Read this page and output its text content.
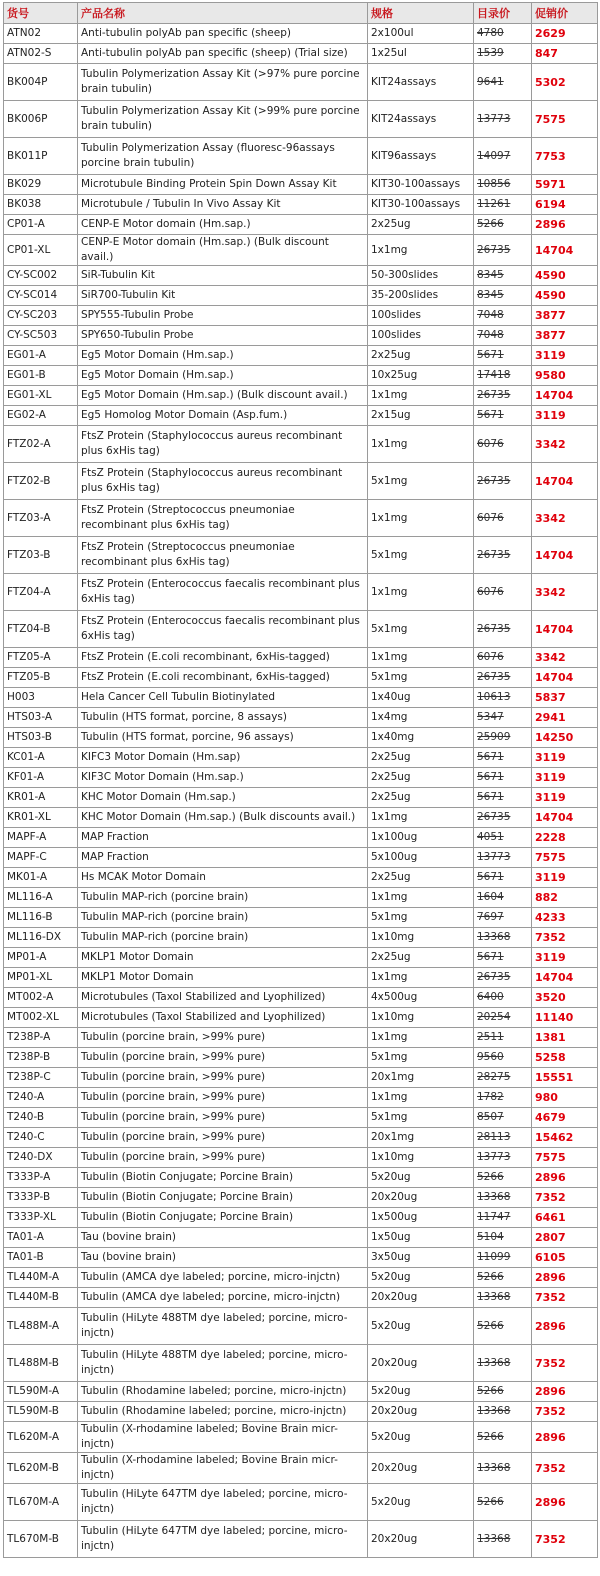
货号	产品名称	规格	目录价	促销价
ATN02	Anti-tubulin polyAb pan specific (sheep)	2x100ul	4780	2629
ATN02-S	Anti-tubulin polyAb pan specific (sheep) (Trial size)	1x25ul	1539	847
BK004P	Tubulin Polymerization Assay Kit (>97% pure porcine brain tubulin)	KIT24assays	9641	5302
BK006P	Tubulin Polymerization Assay Kit (>99% pure porcine brain tubulin)	KIT24assays	13773	7575
BK011P	Tubulin Polymerization Assay (fluoresc-96assays porcine brain tubulin)	KIT96assays	14097	7753
BK029	Microtubule Binding Protein Spin Down Assay Kit	KIT30-100assays	10856	5971
BK038	Microtubule / Tubulin In Vivo Assay Kit	KIT30-100assays	11261	6194
CP01-A	CENP-E Motor domain (Hm.sap.)	2x25ug	5266	2896
CP01-XL	CENP-E Motor domain (Hm.sap.) (Bulk discount avail.)	1x1mg	26735	14704
CY-SC002	SiR-Tubulin Kit	50-300slides	8345	4590
CY-SC014	SiR700-Tubulin Kit	35-200slides	8345	4590
CY-SC203	SPY555-Tubulin Probe	100slides	7048	3877
CY-SC503	SPY650-Tubulin Probe	100slides	7048	3877
EG01-A	Eg5 Motor Domain (Hm.sap.)	2x25ug	5671	3119
EG01-B	Eg5 Motor Domain (Hm.sap.)	10x25ug	17418	9580
EG01-XL	Eg5 Motor Domain (Hm.sap.) (Bulk discount avail.)	1x1mg	26735	14704
EG02-A	Eg5 Homolog Motor Domain (Asp.fum.)	2x15ug	5671	3119
FTZ02-A	FtsZ Protein (Staphylococcus aureus recombinant plus 6xHis tag)	1x1mg	6076	3342
FTZ02-B	FtsZ Protein (Staphylococcus aureus recombinant plus 6xHis tag)	5x1mg	26735	14704
FTZ03-A	FtsZ Protein (Streptococcus pneumoniae recombinant plus 6xHis tag)	1x1mg	6076	3342
FTZ03-B	FtsZ Protein (Streptococcus pneumoniae recombinant plus 6xHis tag)	5x1mg	26735	14704
FTZ04-A	FtsZ Protein (Enterococcus faecalis recombinant plus 6xHis tag)	1x1mg	6076	3342
FTZ04-B	FtsZ Protein (Enterococcus faecalis recombinant plus 6xHis tag)	5x1mg	26735	14704
FTZ05-A	FtsZ Protein (E.coli recombinant, 6xHis-tagged)	1x1mg	6076	3342
FTZ05-B	FtsZ Protein (E.coli recombinant, 6xHis-tagged)	5x1mg	26735	14704
H003	Hela Cancer Cell Tubulin Biotinylated	1x40ug	10613	5837
HTS03-A	Tubulin (HTS format, porcine, 8 assays)	1x4mg	5347	2941
HTS03-B	Tubulin (HTS format, porcine, 96 assays)	1x40mg	25909	14250
KC01-A	KIFC3 Motor Domain (Hm.sap)	2x25ug	5671	3119
KF01-A	KIF3C Motor Domain (Hm.sap.)	2x25ug	5671	3119
KR01-A	KHC Motor Domain (Hm.sap.)	2x25ug	5671	3119
KR01-XL	KHC Motor Domain (Hm.sap.) (Bulk discounts avail.)	1x1mg	26735	14704
MAPF-A	MAP Fraction	1x100ug	4051	2228
MAPF-C	MAP Fraction	5x100ug	13773	7575
MK01-A	Hs MCAK Motor Domain	2x25ug	5671	3119
ML116-A	Tubulin MAP-rich (porcine brain)	1x1mg	1604	882
ML116-B	Tubulin MAP-rich (porcine brain)	5x1mg	7697	4233
ML116-DX	Tubulin MAP-rich (porcine brain)	1x10mg	13368	7352
MP01-A	MKLP1 Motor Domain	2x25ug	5671	3119
MP01-XL	MKLP1 Motor Domain	1x1mg	26735	14704
MT002-A	Microtubules (Taxol Stabilized and Lyophilized)	4x500ug	6400	3520
MT002-XL	Microtubules (Taxol Stabilized and Lyophilized)	1x10mg	20254	11140
T238P-A	Tubulin (porcine brain, >99% pure)	1x1mg	2511	1381
T238P-B	Tubulin (porcine brain, >99% pure)	5x1mg	9560	5258
T238P-C	Tubulin (porcine brain, >99% pure)	20x1mg	28275	15551
T240-A	Tubulin (porcine brain, >99% pure)	1x1mg	1782	980
T240-B	Tubulin (porcine brain, >99% pure)	5x1mg	8507	4679
T240-C	Tubulin (porcine brain, >99% pure)	20x1mg	28113	15462
T240-DX	Tubulin (porcine brain, >99% pure)	1x10mg	13773	7575
T333P-A	Tubulin (Biotin Conjugate; Porcine Brain)	5x20ug	5266	2896
T333P-B	Tubulin (Biotin Conjugate; Porcine Brain)	20x20ug	13368	7352
T333P-XL	Tubulin (Biotin Conjugate; Porcine Brain)	1x500ug	11747	6461
TA01-A	Tau (bovine brain)	1x50ug	5104	2807
TA01-B	Tau (bovine brain)	3x50ug	11099	6105
TL440M-A	Tubulin (AMCA dye labeled; porcine, micro-injctn)	5x20ug	5266	2896
TL440M-B	Tubulin (AMCA dye labeled; porcine, micro-injctn)	20x20ug	13368	7352
TL488M-A	Tubulin (HiLyte 488TM dye labeled; porcine, micro-injctn)	5x20ug	5266	2896
TL488M-B	Tubulin (HiLyte 488TM dye labeled; porcine, micro-injctn)	20x20ug	13368	7352
TL590M-A	Tubulin (Rhodamine labeled; porcine, micro-injctn)	5x20ug	5266	2896
TL590M-B	Tubulin (Rhodamine labeled; porcine, micro-injctn)	20x20ug	13368	7352
TL620M-A	Tubulin (X-rhodamine labeled; Bovine Brain micr-injctn)	5x20ug	5266	2896
TL620M-B	Tubulin (X-rhodamine labeled; Bovine Brain micr-injctn)	20x20ug	13368	7352
TL670M-A	Tubulin (HiLyte 647TM dye labeled; porcine, micro-injctn)	5x20ug	5266	2896
TL670M-B	Tubulin (HiLyte 647TM dye labeled; porcine, micro-injctn)	20x20ug	13368	7352
